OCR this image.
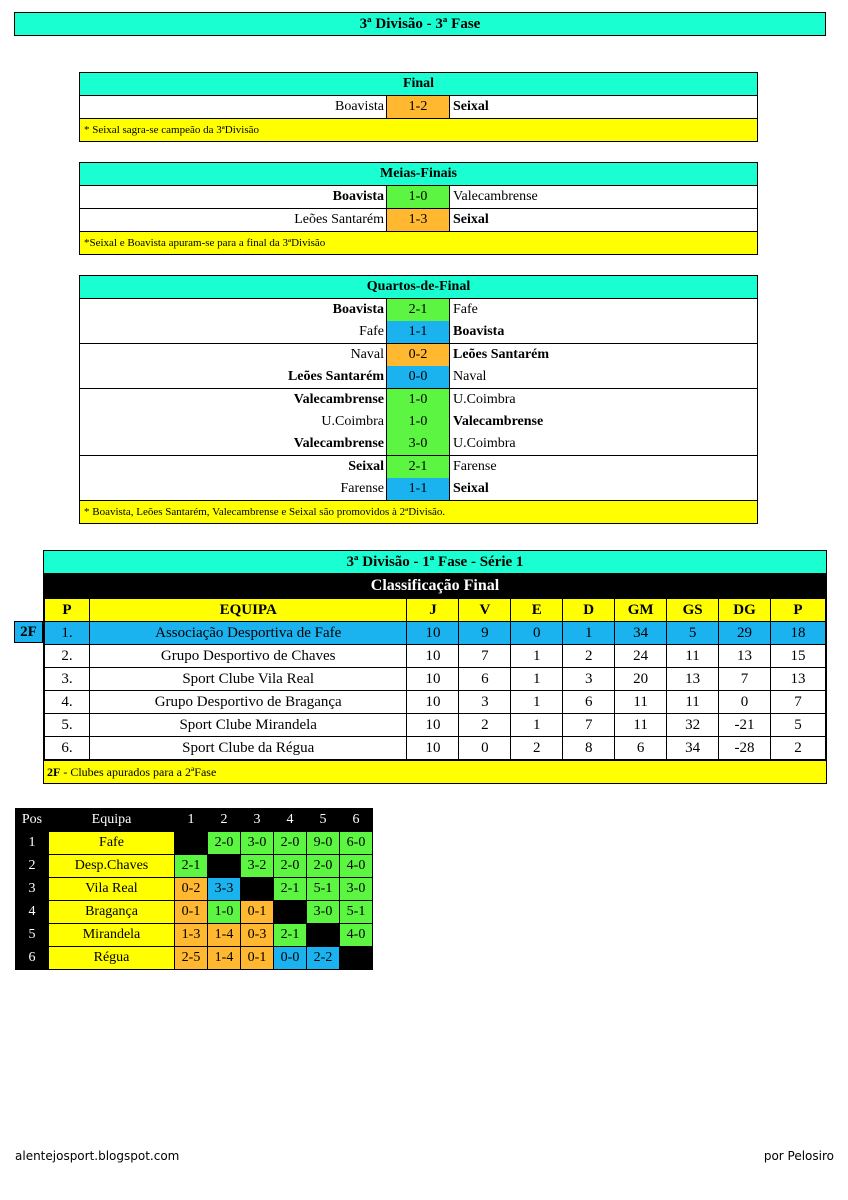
3ª Divisão - 3ª Fase
Final
Boavista	1-2	Seixal
* Seixal sagra-se campeão da 3ªDivisão
Meias-Finais
Boavista	1-0	Valecambrense
Leões Santarém	1-3	Seixal
*Seixal e Boavista apuram-se para a final da 3ªDivisão
Quartos-de-Final
Boavista	2-1	Fafe
Fafe	1-1	Boavista
Naval	0-2	Leões Santarém
Leões Santarém	0-0	Naval
Valecambrense	1-0	U.Coimbra
U.Coimbra	1-0	Valecambrense
Valecambrense	3-0	U.Coimbra
Seixal	2-1	Farense
Farense	1-1	Seixal
* Boavista, Leões Santarém, Valecambrense e Seixal são promovidos à 2ªDivisão.
2F
3ª Divisão - 1ª Fase - Série 1
Classificação Final
P	EQUIPA	J	V	E	D	GM	GS	DG	P
1.	Associação Desportiva de Fafe	10	9	0	1	34	5	29	18
2.	Grupo Desportivo de Chaves	10	7	1	2	24	11	13	15
3.	Sport Clube Vila Real	10	6	1	3	20	13	7	13
4.	Grupo Desportivo de Bragança	10	3	1	6	11	11	0	7
5.	Sport Clube Mirandela	10	2	1	7	11	32	-21	5
6.	Sport Clube da Régua	10	0	2	8	6	34	-28	2
2F - Clubes apurados para a 2ªFase
Pos	Equipa	1	2	3	4	5	6
1	Fafe		2-0	3-0	2-0	9-0	6-0
2	Desp.Chaves	2-1		3-2	2-0	2-0	4-0
3	Vila Real	0-2	3-3		2-1	5-1	3-0
4	Bragança	0-1	1-0	0-1		3-0	5-1
5	Mirandela	1-3	1-4	0-3	2-1		4-0
6	Régua	2-5	1-4	0-1	0-0	2-2	
alentejosport.blogspot.com	por Pelosiro
